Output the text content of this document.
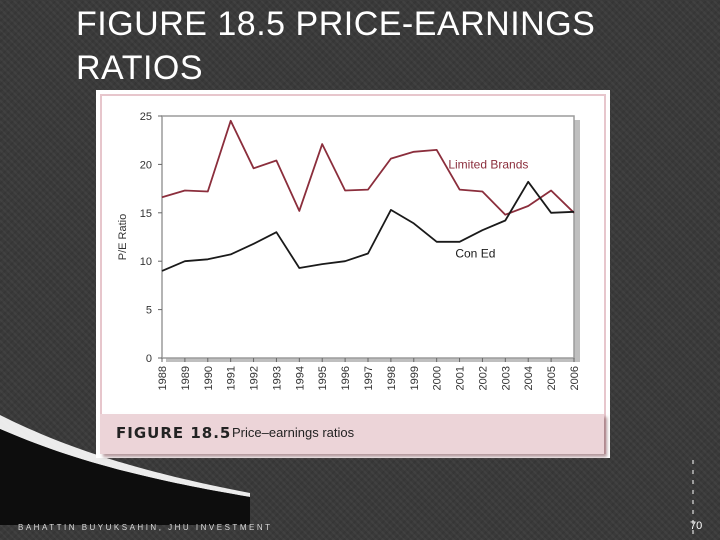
FIGURE 18.5 PRICE-EARNINGS RATIOS
0
5
10
15
20
25
P/E Ratio
1988 1989 1990 1991 1992 1993 1994 1995 1996 1997 1998 1999 2000 2001 2002 2003 2004 2005 2006
Limited Brands
Con Ed
FIGURE 18.5 Price–earnings ratios
BAHATTIN BUYUKSAHIN, JHU INVESTMENT	70
